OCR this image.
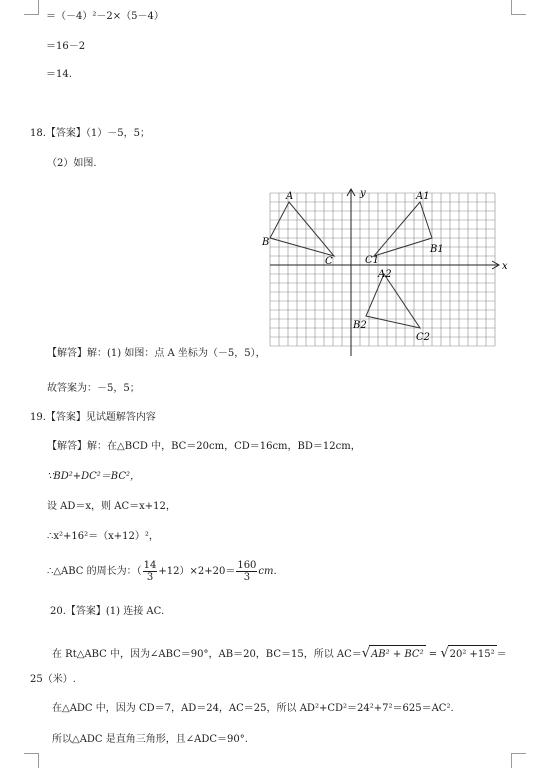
＝（－4）²－2×（5－4）
＝16－2
＝14.
18.【答案】（1）－5，5；
（2）如图.
A
B
C
A1
B1
C1
A2
B2
C2
x
y
【解答】解：(1) 如图：点 A 坐标为（－5，5），
故答案为：－5，5；
19.【答案】见试题解答内容
【解答】解：在△BCD 中，BC＝20cm，CD＝16cm，BD＝12cm，
∵BD²+DC²＝BC²，
设 AD＝x，则 AC＝x+12，
∴x²+16²＝（x+12）²，
∴△ABC 的周长为：（ $\frac{14}{3} +12)\times 2+20= \frac{160}{3}$ cm.
20.【答案】(1) 连接 AC.
在 Rt△ABC 中，因为∠ABC＝90°，AB＝20，BC＝15，所以 AC＝√AB² + BC² = √20² +15² ＝
25（米）.
在△ADC 中，因为 CD＝7，AD＝24，AC＝25，所以 AD²+CD²＝24²+7²＝625＝AC².
所以△ADC 是直角三角形，且∠ADC＝90°.
